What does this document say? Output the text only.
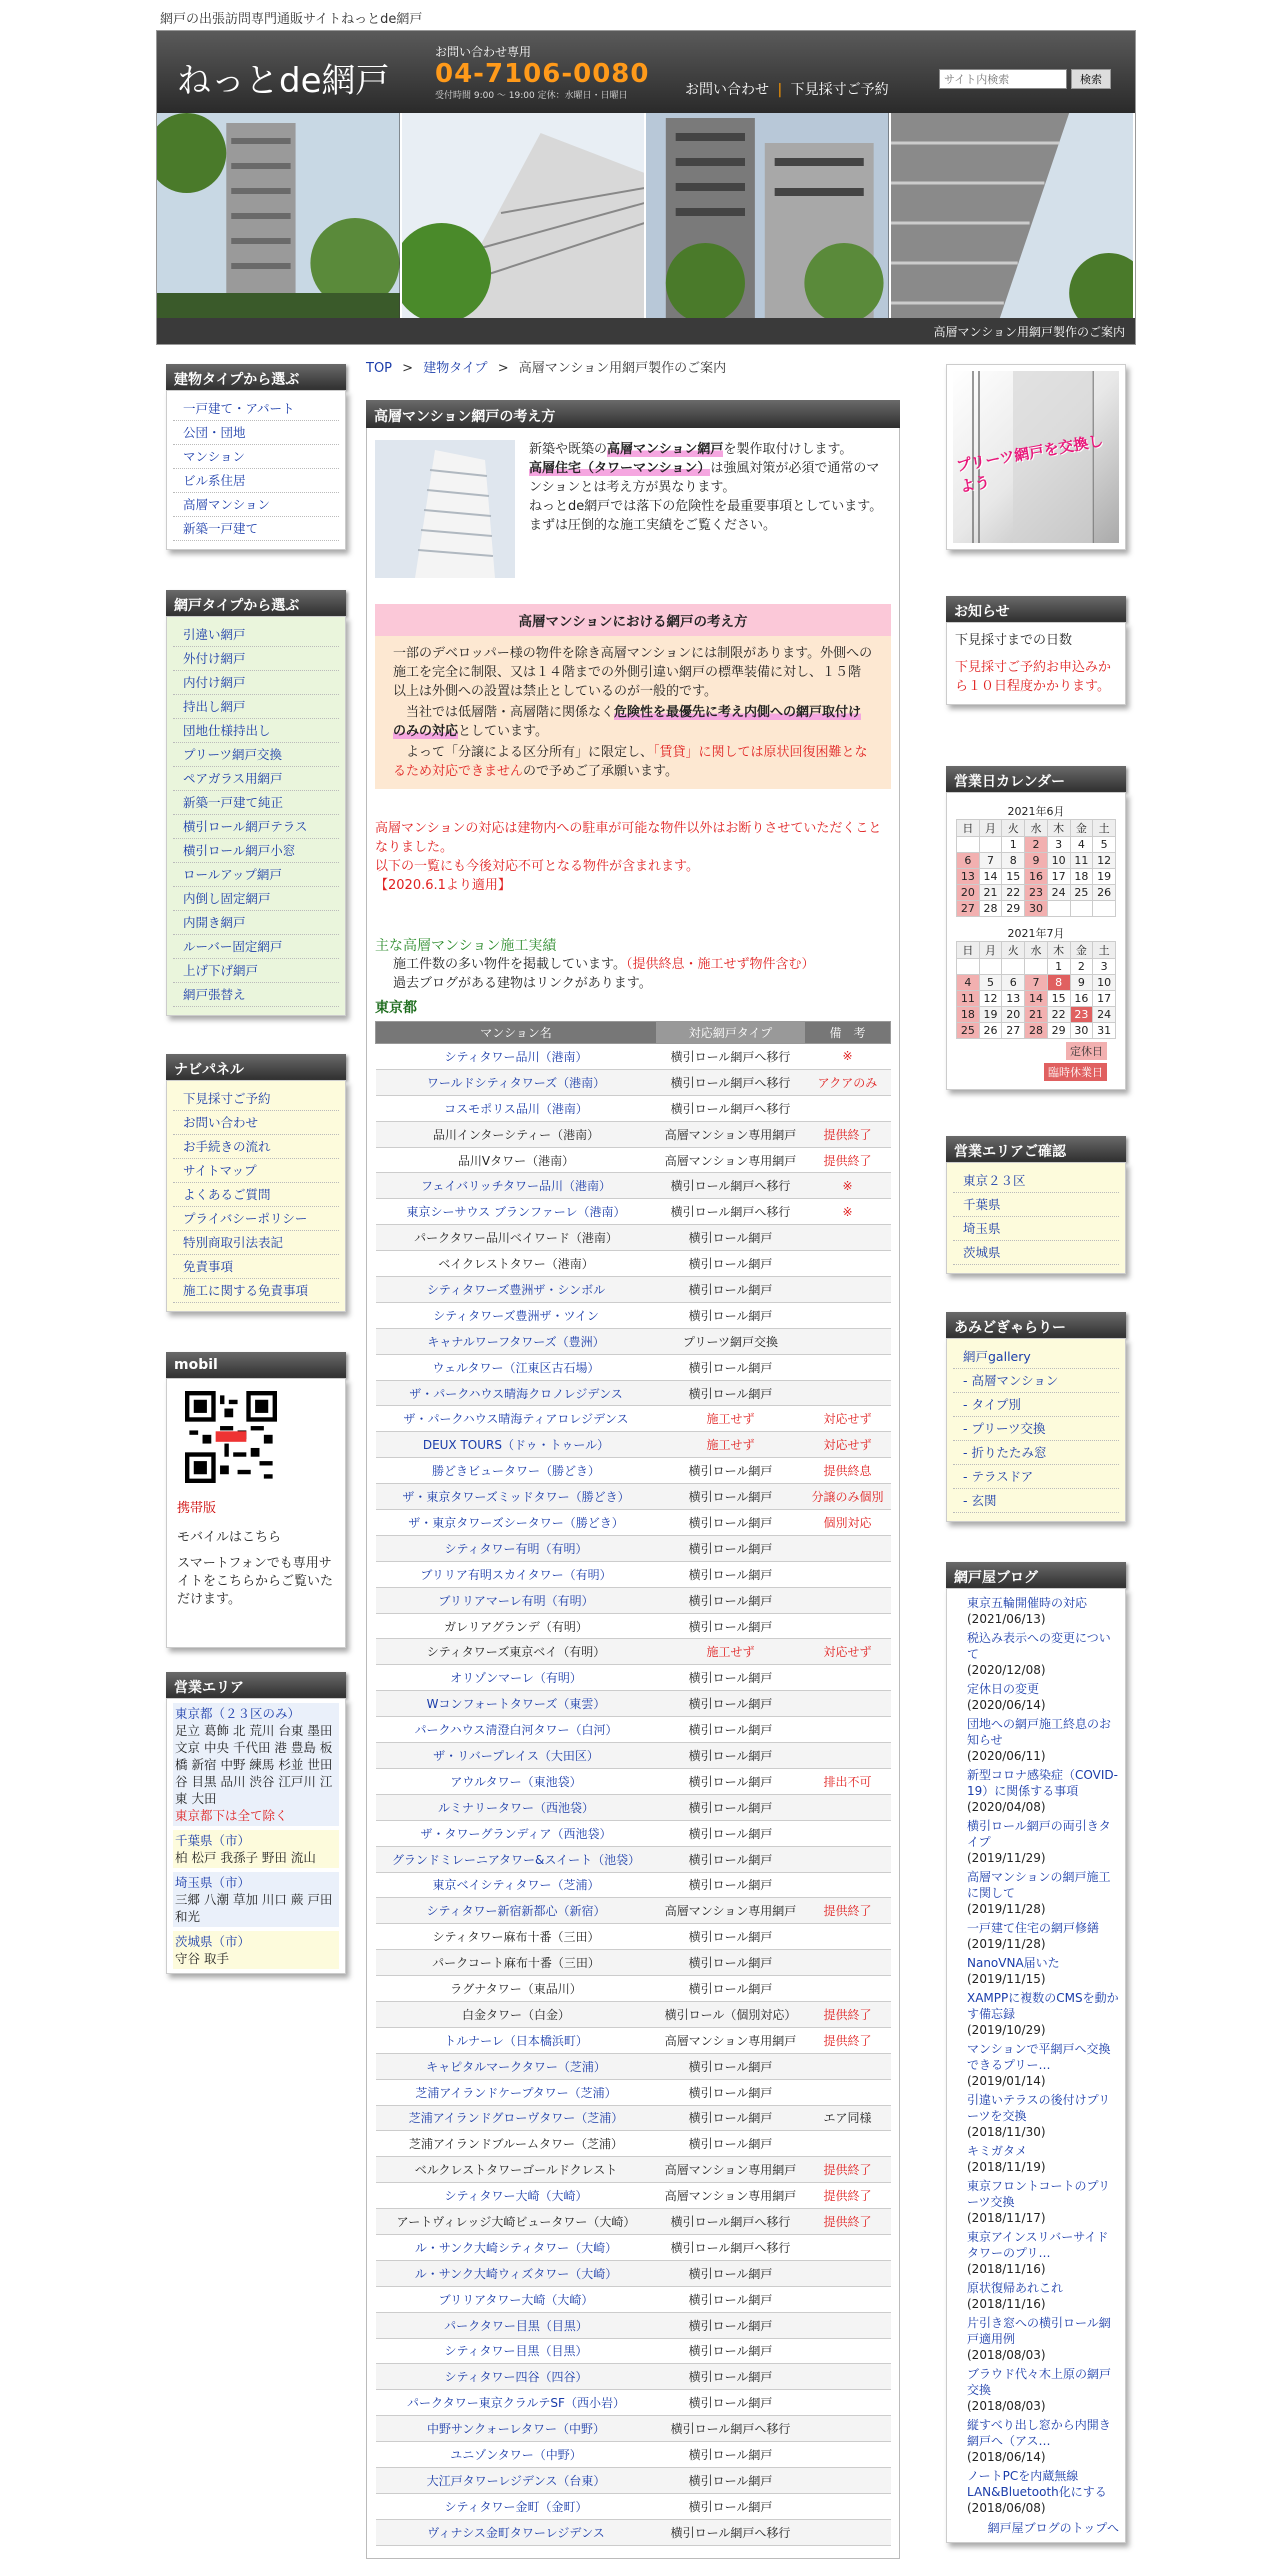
網戸の出張訪問専門通販サイトねっとde網戸
ねっとde網戸
お問い合わせ専用
04-7106-0080
受付時間 9:00 ～ 19:00 定休：水曜日・日曜日	お問い合わせ | 下見採寸ご予約
サイト内検索
検索
高層マンション用網戸製作のご案内
建物タイプから選ぶ
一戸建て・アパート
公団・団地
マンション
ビル系住居
高層マンション
新築一戸建て
網戸タイプから選ぶ
引違い網戸
外付け網戸
内付け網戸
持出し網戸
団地仕様持出し
プリーツ網戸交換
ペアガラス用網戸
新築一戸建て純正
横引ロール網戸テラス
横引ロール網戸小窓
ロールアップ網戸
内倒し固定網戸
内開き網戸
ルーバー固定網戸
上げ下げ網戸
網戸張替え
ナビパネル
下見採寸ご予約
お問い合わせ
お手続きの流れ
サイトマップ
よくあるご質問
プライバシーポリシー
特別商取引法表記
免責事項
施工に関する免責事項
mobil
携帯版
モバイルはこちら
スマートフォンでも専用サイトをこちらからご覧いただけます。
営業エリア
東京都（２３区のみ）
足立 葛飾 北 荒川 台東 墨田 文京 中央 千代田 港 豊島 板橋 新宿 中野 練馬 杉並 世田谷 目黒 品川 渋谷 江戸川 江東 大田
東京都下は全て除く
千葉県（市）
柏 松戸 我孫子 野田 流山
埼玉県（市）
三郷 八潮 草加 川口 蕨 戸田 和光
茨城県（市）
守谷 取手
TOP > 建物タイプ > 高層マンション用網戸製作のご案内
高層マンション網戸の考え方

新築や既築の高層マンション網戸を製作取付けします。

高層住宅（タワーマンション）は強風対策が必須で通常のマンションとは考え方が異なります。

ねっとde網戸では落下の危険性を最重要事項としています。

まずは圧倒的な施工実績をご覧ください。

高層マンションにおける網戸の考え方

一部のデベロッパー様の物件を除き高層マンションには制限があります。外側への施工を完全に制限、又は１４階までの外側引違い網戸の標準装備に対し、１５階以上は外側への設置は禁止としているのが一般的です。

当社では低層階・高層階に関係なく危険性を最優先に考え内側への網戸取付けのみの対応としています。

よって「分譲による区分所有」に限定し、「賃貸」に関しては原状回復困難となるため対応できませんので予めご了承願います。

高層マンションの対応は建物内への駐車が可能な物件以外はお断りさせていただくことなりました。

以下の一覧にも今後対応不可となる物件が含まれます。

【2020.6.1より適用】

主な高層マンション施工実績
施工件数の多い物件を掲載しています。（提供終息・施工せず物件含む）
過去ブログがある建物はリンクがあります。
東京都
マンション名	対応網戸タイプ	備　考
シティタワー品川（港南）	横引ロール網戸へ移行	※
ワールドシティタワーズ（港南）	横引ロール網戸へ移行	アクアのみ
コスモポリス品川（港南）	横引ロール網戸へ移行	
品川インターシティー（港南）	高層マンション専用網戸	提供終了
品川Vタワー（港南）	高層マンション専用網戸	提供終了
フェイバリッチタワー品川（港南）	横引ロール網戸へ移行	※
東京シーサウス ブランファーレ（港南）	横引ロール網戸へ移行	※
パークタワー品川ベイワード（港南）	横引ロール網戸	
ベイクレストタワー（港南）	横引ロール網戸	
シティタワーズ豊洲ザ・シンボル	横引ロール網戸	
シティタワーズ豊洲ザ・ツイン	横引ロール網戸	
キャナルワーフタワーズ（豊洲）	プリーツ網戸交換	
ウェルタワー（江東区古石場）	横引ロール網戸	
ザ・パークハウス晴海クロノレジデンス	横引ロール網戸	
ザ・パークハウス晴海ティアロレジデンス	施工せず	対応せず
DEUX TOURS（ドゥ・トゥール）	施工せず	対応せず
勝どきビュータワー（勝どき）	横引ロール網戸	提供終息
ザ・東京タワーズミッドタワー（勝どき）	横引ロール網戸	分譲のみ個別
ザ・東京タワーズシータワー（勝どき）	横引ロール網戸	個別対応
シティタワー有明（有明）	横引ロール網戸	
ブリリア有明スカイタワー（有明）	横引ロール網戸	
ブリリアマーレ有明（有明）	横引ロール網戸	
ガレリアグランデ（有明）	横引ロール網戸	
シティタワーズ東京ベイ（有明）	施工せず	対応せず
オリゾンマーレ（有明）	横引ロール網戸	
Wコンフォートタワーズ（東雲）	横引ロール網戸	
パークハウス清澄白河タワー（白河）	横引ロール網戸	
ザ・リバープレイス（大田区）	横引ロール網戸	
アウルタワー（東池袋）	横引ロール網戸	排出不可
ルミナリータワー（西池袋）	横引ロール網戸	
ザ・タワーグランディア（西池袋）	横引ロール網戸	
グランドミレーニアタワー&スイート（池袋）	横引ロール網戸	
東京ベイシティタワー（芝浦）	横引ロール網戸	
シティタワー新宿新都心（新宿）	高層マンション専用網戸	提供終了
シティタワー麻布十番（三田）	横引ロール網戸	
パークコート麻布十番（三田）	横引ロール網戸	
ラグナタワー（東品川）	横引ロール網戸	
白金タワー（白金）	横引ロール（個別対応）	提供終了
トルナーレ（日本橋浜町）	高層マンション専用網戸	提供終了
キャピタルマークタワー（芝浦）	横引ロール網戸	
芝浦アイランドケープタワー（芝浦）	横引ロール網戸	
芝浦アイランドグローヴタワー（芝浦）	横引ロール網戸	エア同様
芝浦アイランドブルームタワー（芝浦）	横引ロール網戸	
ベルクレストタワーゴールドクレスト	高層マンション専用網戸	提供終了
シティタワー大崎（大崎）	高層マンション専用網戸	提供終了
アートヴィレッジ大崎ビュータワー（大崎）	横引ロール網戸へ移行	提供終了
ル・サンク大崎シティタワー（大崎）	横引ロール網戸へ移行	
ル・サンク大崎ウィズタワー（大崎）	横引ロール網戸	
ブリリアタワー大崎（大崎）	横引ロール網戸	
パークタワー目黒（目黒）	横引ロール網戸	
シティタワー目黒（目黒）	横引ロール網戸	
シティタワー四谷（四谷）	横引ロール網戸	
パークタワー東京クラルテSF（西小岩）	横引ロール網戸	
中野サンクォーレタワー（中野）	横引ロール網戸へ移行	
ユニゾンタワー（中野）	横引ロール網戸	
大江戸タワーレジデンス（台東）	横引ロール網戸	
シティタワー金町（金町）	横引ロール網戸	
ヴィナシス金町タワーレジデンス	横引ロール網戸へ移行	
プリーツ網戸を交換しよう
お知らせ
下見採寸までの日数
下見採寸ご予約お申込みから１０日程度かかります。
営業日カレンダー
2021年6月
日	月	火	水	木	金	土
		1	2	3	4	5
6	7	8	9	10	11	12
13	14	15	16	17	18	19
20	21	22	23	24	25	26
27	28	29	30			
2021年7月
日	月	火	水	木	金	土
				1	2	3
4	5	6	7	8	9	10
11	12	13	14	15	16	17
18	19	20	21	22	23	24
25	26	27	28	29	30	31
定休日
臨時休業日
営業エリアご確認
東京２３区
千葉県
埼玉県
茨城県
あみどぎゃらりー
網戸gallery
- 高層マンション
- タイプ別
- プリーツ交換
- 折りたたみ窓
- テラスドア
- 玄関
網戸屋ブログ
東京五輪開催時の対応
(2021/06/13)
税込み表示への変更について
(2020/12/08)
定休日の変更
(2020/06/14)
団地への網戸施工終息のお知らせ
(2020/06/11)
新型コロナ感染症（COVID-19）に関係する事項
(2020/04/08)
横引ロール網戸の両引きタイプ
(2019/11/29)
高層マンションの網戸施工に関して
(2019/11/28)
一戸建て住宅の網戸修繕
(2019/11/28)
NanoVNA届いた
(2019/11/15)
XAMPPに複数のCMSを動かす備忘録
(2019/10/29)
マンションで平網戸へ交換できるプリー…
(2019/01/14)
引違いテラスの後付けプリーツを交換
(2018/11/30)
キミガタメ
(2018/11/19)
東京フロントコートのプリーツ交換
(2018/11/17)
東京アインスリバーサイドタワーのプリ…
(2018/11/16)
原状復帰あれこれ
(2018/11/16)
片引き窓への横引ロール網戸適用例
(2018/08/03)
ブラウド代々木上原の網戸交換
(2018/08/03)
縦すべり出し窓から内開き網戸へ（アス…
(2018/06/14)
ノートPCを内蔵無線LAN&Bluetooth化にする
(2018/06/08)
網戸屋ブログのトップへ
